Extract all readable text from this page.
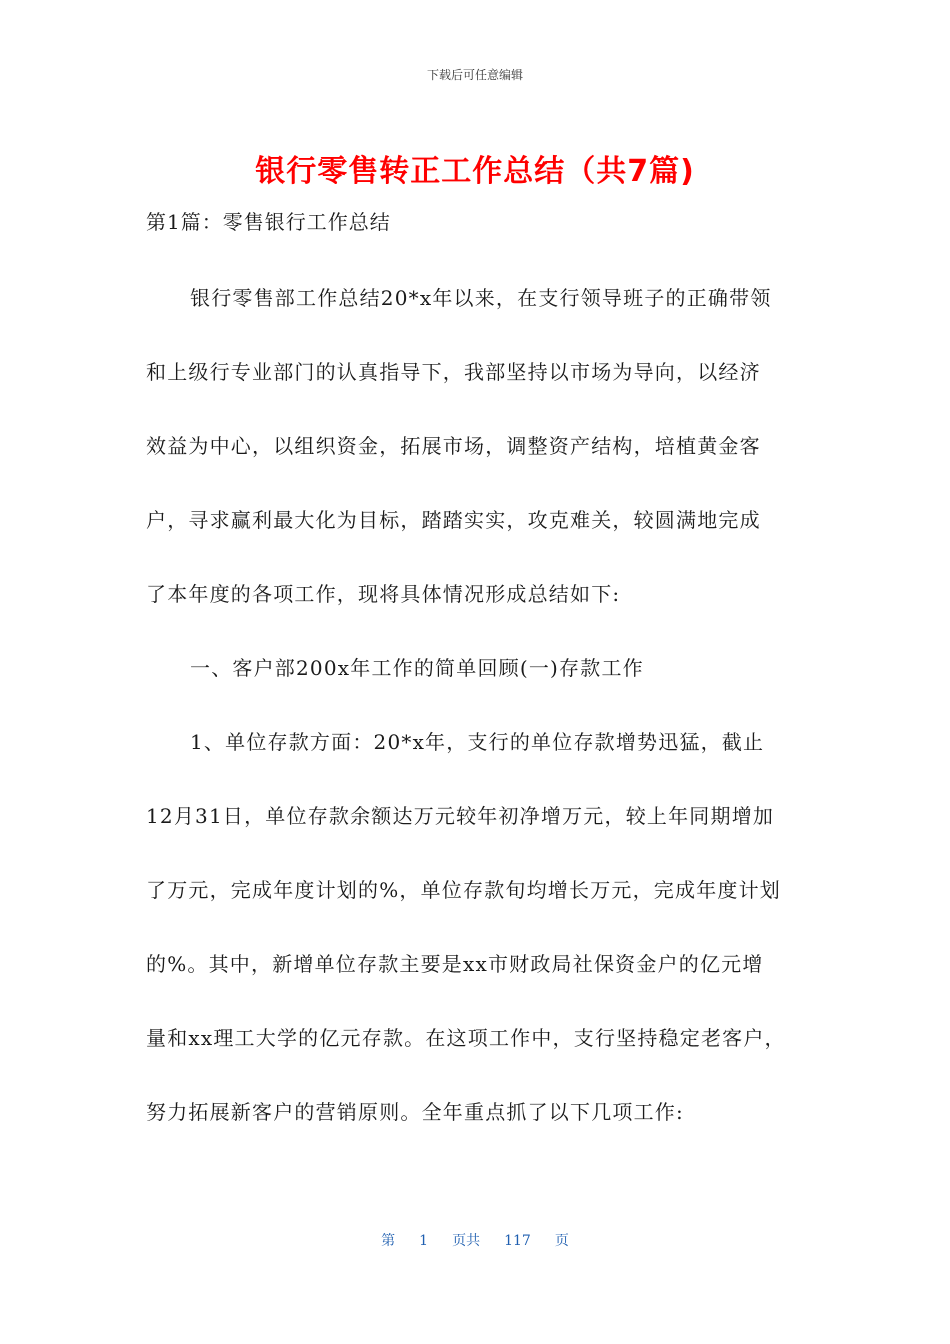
下载后可任意编辑
银行零售转正工作总结（共7篇)
第1篇：零售银行工作总结
银行零售部工作总结20*x年以来，在支行领导班子的正确带领
和上级行专业部门的认真指导下，我部坚持以市场为导向，以经济
效益为中心，以组织资金，拓展市场，调整资产结构，培植黄金客
户，寻求赢利最大化为目标，踏踏实实，攻克难关，较圆满地完成
了本年度的各项工作，现将具体情况形成总结如下:
一、客户部200x年工作的简单回顾(一)存款工作
1、单位存款方面：20*x年，支行的单位存款增势迅猛，截止
12月31日，单位存款余额达万元较年初净增万元，较上年同期增加
了万元，完成年度计划的%，单位存款旬均增长万元，完成年度计划
的%。其中，新增单位存款主要是xx市财政局社保资金户的亿元增
量和xx理工大学的亿元存款。在这项工作中，支行坚持稳定老客户，
努力拓展新客户的营销原则。全年重点抓了以下几项工作:
第 1 页共 117 页
